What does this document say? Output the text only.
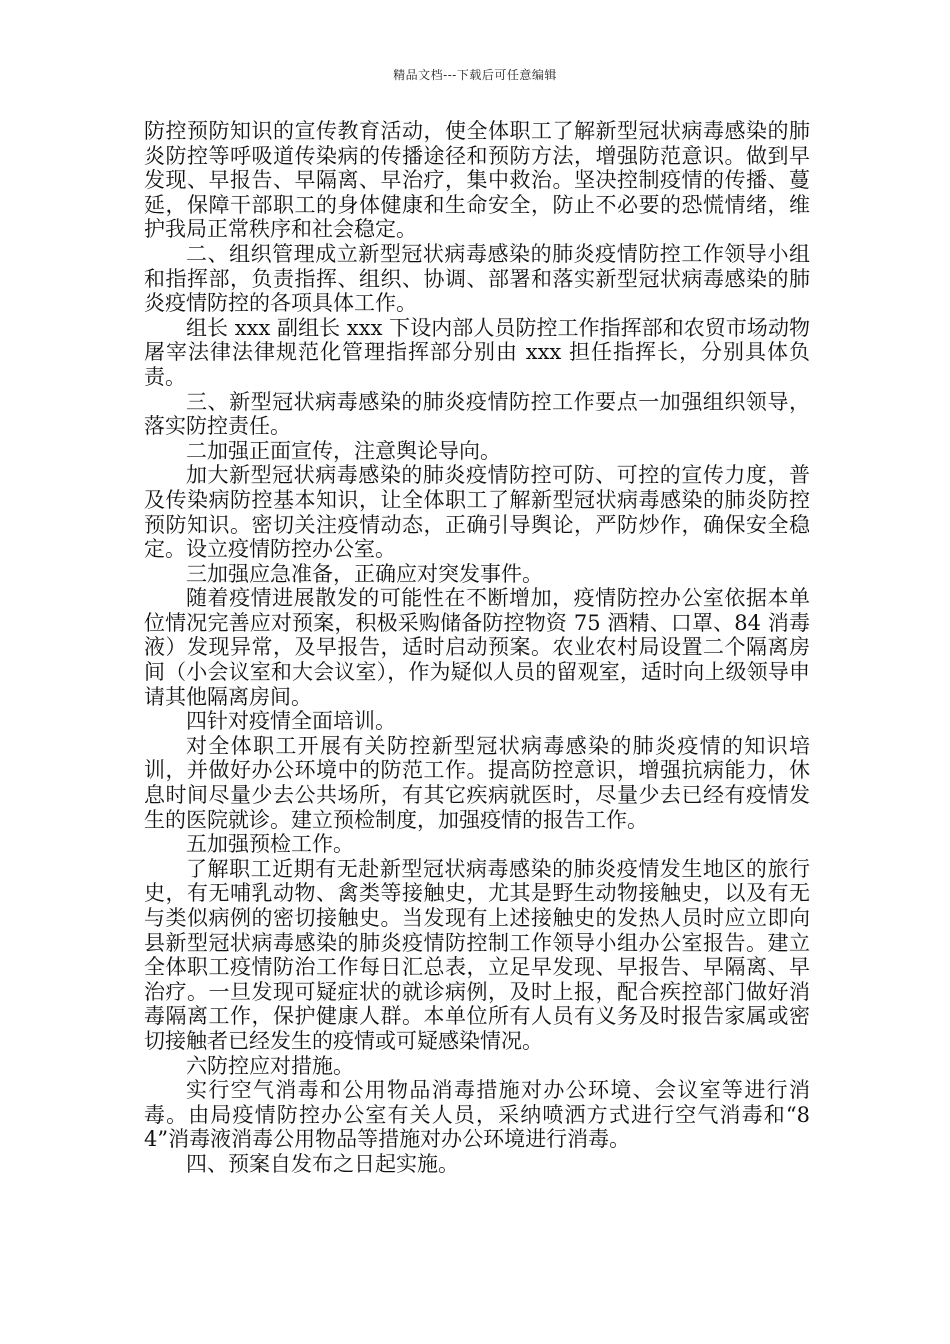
精品文档---下载后可任意编辑

防控预防知识的宣传教育活动，使全体职工了解新型冠状病毒感染的肺炎防控等呼吸道传染病的传播途径和预防方法，增强防范意识。做到早发现、早报告、早隔离、早治疗，集中救治。坚决控制疫情的传播、蔓延，保障干部职工的身体健康和生命安全，防止不必要的恐慌情绪，维护我局正常秩序和社会稳定。

二、组织管理成立新型冠状病毒感染的肺炎疫情防控工作领导小组和指挥部，负责指挥、组织、协调、部署和落实新型冠状病毒感染的肺炎疫情防控的各项具体工作。

组长 xxx 副组长 xxx 下设内部人员防控工作指挥部和农贸市场动物屠宰法律法律规范化管理指挥部分别由 xxx 担任指挥长，分别具体负责。

三、新型冠状病毒感染的肺炎疫情防控工作要点一加强组织领导，落实防控责任。

二加强正面宣传，注意舆论导向。

加大新型冠状病毒感染的肺炎疫情防控可防、可控的宣传力度，普及传染病防控基本知识，让全体职工了解新型冠状病毒感染的肺炎防控预防知识。密切关注疫情动态，正确引导舆论，严防炒作，确保安全稳定。设立疫情防控办公室。

三加强应急准备，正确应对突发事件。

随着疫情进展散发的可能性在不断增加，疫情防控办公室依据本单位情况完善应对预案，积极采购储备防控物资 75 酒精、口罩、84 消毒液）发现异常，及早报告，适时启动预案。农业农村局设置二个隔离房间（小会议室和大会议室），作为疑似人员的留观室，适时向上级领导申请其他隔离房间。

四针对疫情全面培训。

对全体职工开展有关防控新型冠状病毒感染的肺炎疫情的知识培训，并做好办公环境中的防范工作。提高防控意识，增强抗病能力，休息时间尽量少去公共场所，有其它疾病就医时，尽量少去已经有疫情发生的医院就诊。建立预检制度，加强疫情的报告工作。

五加强预检工作。

了解职工近期有无赴新型冠状病毒感染的肺炎疫情发生地区的旅行史，有无哺乳动物、禽类等接触史，尤其是野生动物接触史，以及有无与类似病例的密切接触史。当发现有上述接触史的发热人员时应立即向县新型冠状病毒感染的肺炎疫情防控制工作领导小组办公室报告。建立全体职工疫情防治工作每日汇总表，立足早发现、早报告、早隔离、早治疗。一旦发现可疑症状的就诊病例，及时上报，配合疾控部门做好消毒隔离工作，保护健康人群。本单位所有人员有义务及时报告家属或密切接触者已经发生的疫情或可疑感染情况。

六防控应对措施。

实行空气消毒和公用物品消毒措施对办公环境、会议室等进行消毒。由局疫情防控办公室有关人员，采纳喷洒方式进行空气消毒和“84”消毒液消毒公用物品等措施对办公环境进行消毒。

四、预案自发布之日起实施。
